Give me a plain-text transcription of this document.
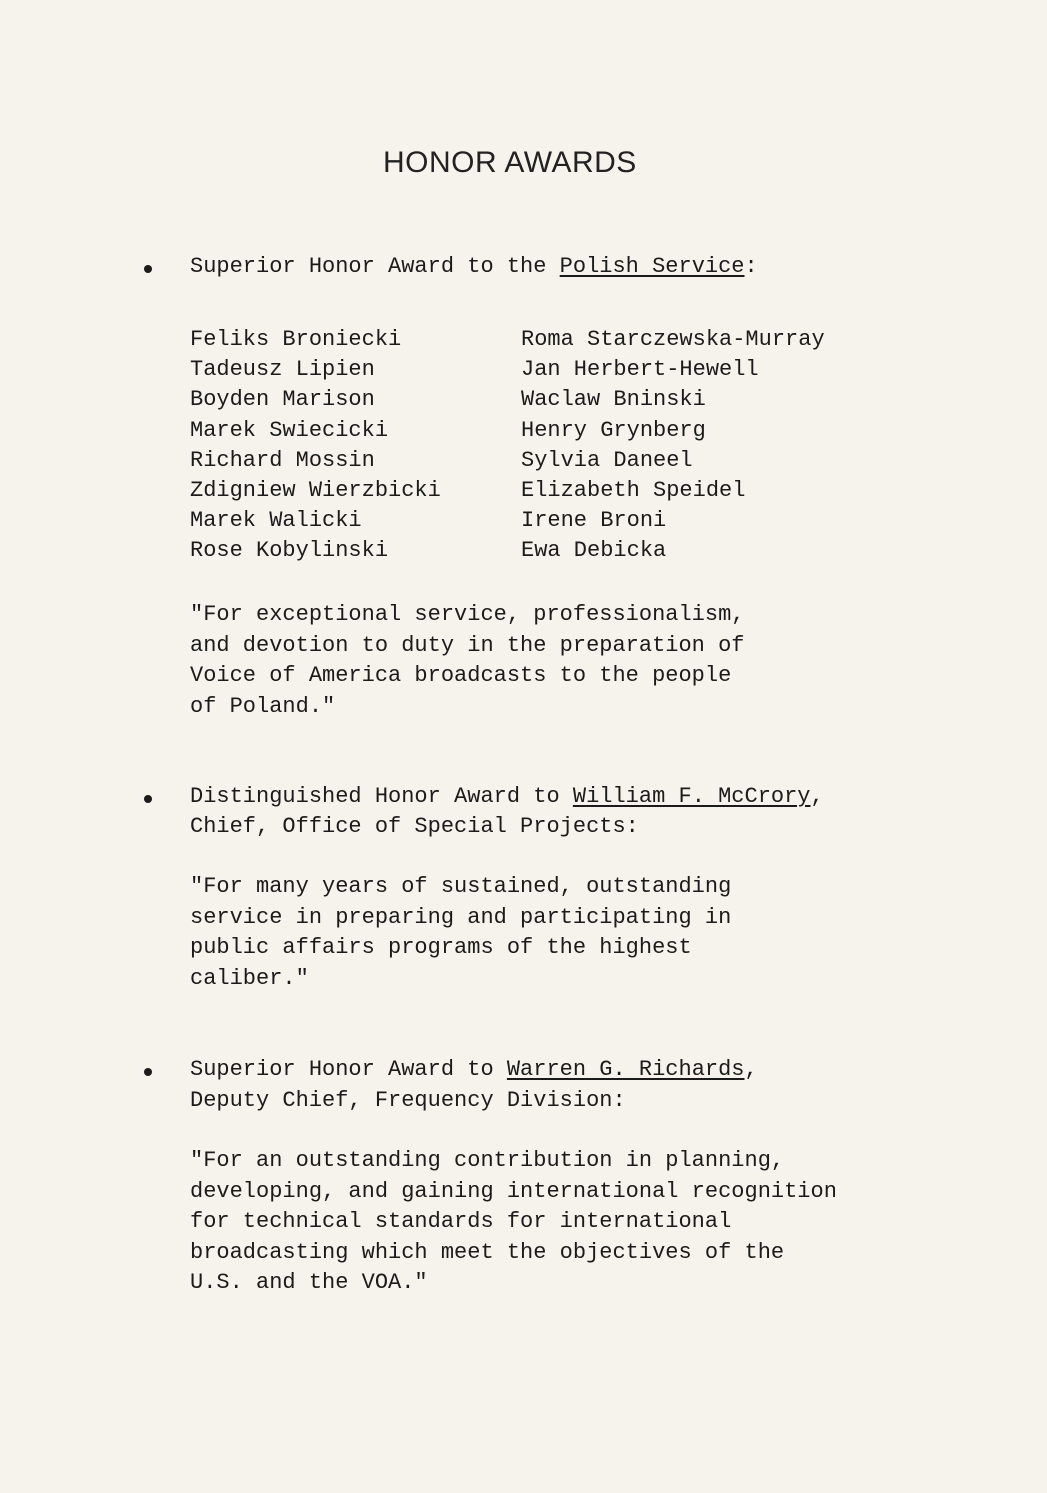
HONOR AWARDS
Superior Honor Award to the Polish Service:
Feliks Broniecki
Tadeusz Lipien
Boyden Marison
Marek Swiecicki
Richard Mossin
Zdigniew Wierzbicki
Marek Walicki
Rose Kobylinski
Roma Starczewska-Murray
Jan Herbert-Hewell
Waclaw Bninski
Henry Grynberg
Sylvia Daneel
Elizabeth Speidel
Irene Broni
Ewa Debicka
"For exceptional service, professionalism,
and devotion to duty in the preparation of
Voice of America broadcasts to the people
of Poland."
Distinguished Honor Award to William F. McCrory,
Chief, Office of Special Projects:
"For many years of sustained, outstanding
service in preparing and participating in
public affairs programs of the highest
caliber."
Superior Honor Award to Warren G. Richards,
Deputy Chief, Frequency Division:
"For an outstanding contribution in planning,
developing, and gaining international recognition
for technical standards for international
broadcasting which meet the objectives of the
U.S. and the VOA."
